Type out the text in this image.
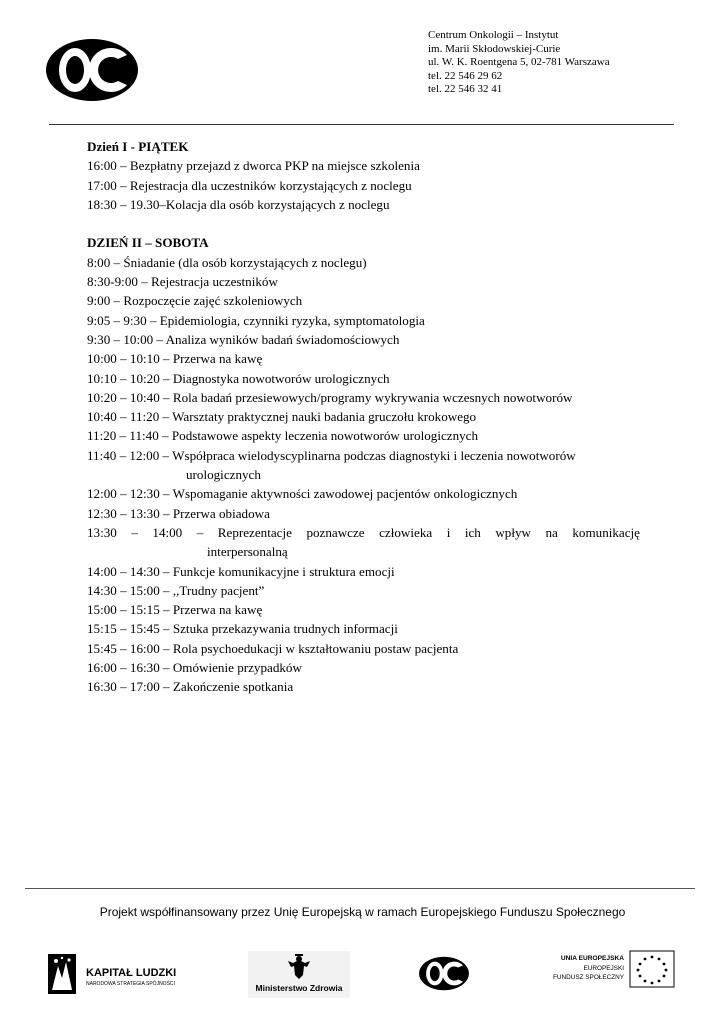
Centrum Onkologii – Instytut
im. Marii Skłodowskiej-Curie
ul. W. K. Roentgena 5, 02-781 Warszawa
tel. 22 546 29 62
tel. 22 546 32 41
Dzień I - PIĄTEK
16:00 – Bezpłatny przejazd z dworca PKP na miejsce szkolenia
17:00 – Rejestracja dla uczestników korzystających z noclegu
18:30 – 19.30–Kolacja dla osób korzystających z noclegu
DZIEŃ II – SOBOTA
8:00 – Śniadanie (dla osób korzystających z noclegu)
8:30-9:00 – Rejestracja uczestników
9:00 – Rozpoczęcie zajęć szkoleniowych
9:05 – 9:30 – Epidemiologia, czynniki ryzyka, symptomatologia
9:30 – 10:00 – Analiza wyników badań świadomościowych
10:00 – 10:10 – Przerwa na kawę
10:10 – 10:20 – Diagnostyka nowotworów urologicznych
10:20 – 10:40 – Rola badań przesiewowych/programy wykrywania wczesnych nowotworów
10:40 – 11:20 – Warsztaty praktycznej nauki badania gruczołu krokowego
11:20 – 11:40 – Podstawowe aspekty leczenia nowotworów urologicznych
11:40 – 12:00 – Współpraca wielodyscyplinarna podczas diagnostyki i leczenia nowotworów
urologicznych
12:00 – 12:30 – Wspomaganie aktywności zawodowej pacjentów onkologicznych
12:30 – 13:30 – Przerwa obiadowa
13:30 – 14:00 – Reprezentacje poznawcze człowieka i ich wpływ na komunikację
interpersonalną
14:00 – 14:30 – Funkcje komunikacyjne i struktura emocji
14:30 – 15:00 – ,,Trudny pacjent”
15:00 – 15:15 – Przerwa na kawę
15:15 – 15:45 – Sztuka przekazywania trudnych informacji
15:45 – 16:00 – Rola psychoedukacji w kształtowaniu postaw pacjenta
16:00 – 16:30 – Omówienie przypadków
16:30 – 17:00 – Zakończenie spotkania
Projekt współfinansowany przez Unię Europejską w ramach Europejskiego Funduszu Społecznego
KAPITAŁ LUDZKI
NARODOWA STRATEGIA SPÓJNOŚCI	Ministerstwo Zdrowia
UNIA EUROPEJSKA
EUROPEJSKI
FUNDUSZ SPOŁECZNY
